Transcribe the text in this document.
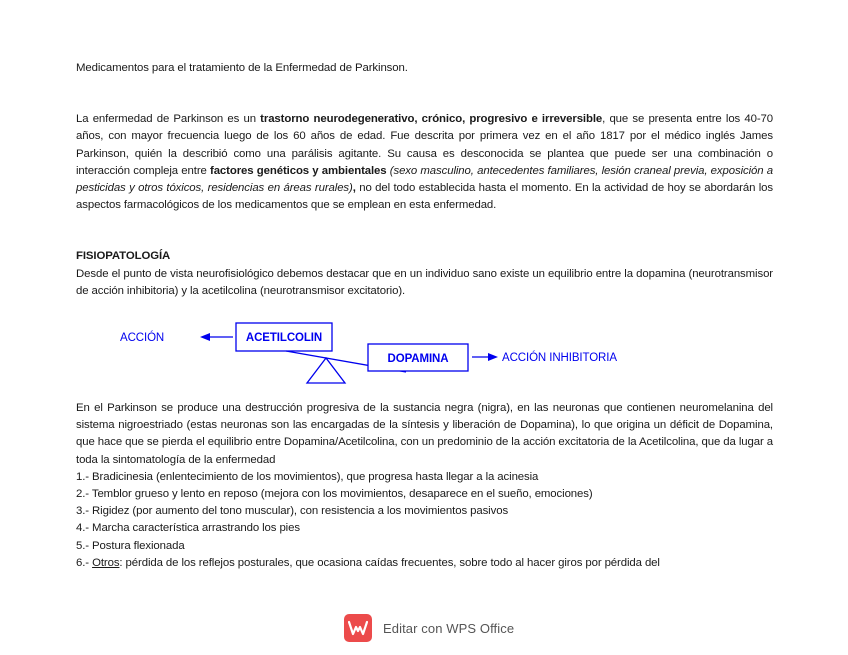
Medicamentos para el tratamiento de la Enfermedad de Parkinson.

La enfermedad de Parkinson es un trastorno neurodegenerativo, crónico, progresivo e irreversible, que se presenta entre los 40-70 años, con mayor frecuencia luego de los 60 años de edad. Fue descrita por primera vez en el año 1817 por el médico inglés James Parkinson, quién la describió como una parálisis agitante. Su causa es desconocida se plantea que puede ser una combinación o interacción compleja entre factores genéticos y ambientales (sexo masculino, antecedentes familiares, lesión craneal previa, exposición a pesticidas y otros tóxicos, residencias en áreas rurales), no del todo establecida hasta el momento. En la actividad de hoy se abordarán los aspectos farmacológicos de los medicamentos que se emplean en esta enfermedad.

FISIOPATOLOGÍA

Desde el punto de vista neurofisiológico debemos destacar que en un individuo sano existe un equilibrio entre la dopamina (neurotransmisor de acción inhibitoria) y la acetilcolina (neurotransmisor excitatorio).

ACCIÓN	ACETILCOLIN
DOPAMINA	ACCIÓN INHIBITORIA

En el Parkinson se produce una destrucción progresiva de la sustancia negra (nigra), en las neuronas que contienen neuromelanina del sistema nigroestriado (estas neuronas son las encargadas de la síntesis y liberación de Dopamina), lo que origina un déficit de Dopamina, que hace que se pierda el equilibrio entre Dopamina/Acetilcolina, con un predominio de la acción excitatoria de la Acetilcolina, que da lugar a toda la sintomatología de la enfermedad

1.- Bradicinesia (enlentecimiento de los movimientos), que progresa hasta llegar a la acinesia

2.- Temblor grueso y lento en reposo (mejora con los movimientos, desaparece en el sueño, emociones)

3.- Rigidez (por aumento del tono muscular), con resistencia a los movimientos pasivos

4.- Marcha característica arrastrando los pies

5.- Postura flexionada

6.- Otros: pérdida de los reflejos posturales, que ocasiona caídas frecuentes, sobre todo al hacer giros por pérdida del

Editar con WPS Office
